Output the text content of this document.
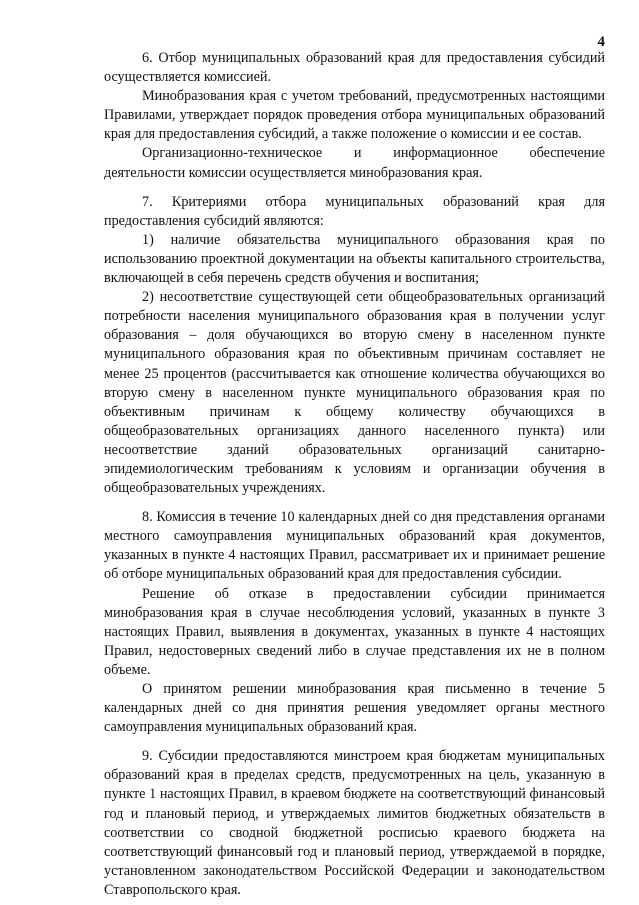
4

6. Отбор муниципальных образований края для предоставления субсидий осуществляется комиссией.

Минобразования края с учетом требований, предусмотренных настоящими Правилами, утверждает порядок проведения отбора муниципальных образований края для предоставления субсидий, а также положение о комиссии и ее состав.

Организационно-техническое и информационное обеспечение деятельности комиссии осуществляется минобразования края.

7. Критериями отбора муниципальных образований края для предоставления субсидий являются:

1) наличие обязательства муниципального образования края по использованию проектной документации на объекты капитального строительства, включающей в себя перечень средств обучения и воспитания;

2) несоответствие существующей сети общеобразовательных организаций потребности населения муниципального образования края в получении услуг образования – доля обучающихся во вторую смену в населенном пункте муниципального образования края по объективным причинам составляет не менее 25 процентов (рассчитывается как отношение количества обучающихся во вторую смену в населенном пункте муниципального образования края по объективным причинам к общему количеству обучающихся в общеобразовательных организациях данного населенного пункта) или несоответствие зданий образовательных организаций санитарно-эпидемиологическим требованиям к условиям и организации обучения в общеобразовательных учреждениях.

8. Комиссия в течение 10 календарных дней со дня представления органами местного самоуправления муниципальных образований края документов, указанных в пункте 4 настоящих Правил, рассматривает их и принимает решение об отборе муниципальных образований края для предоставления субсидии.

Решение об отказе в предоставлении субсидии принимается минобразования края в случае несоблюдения условий, указанных в пункте 3 настоящих Правил, выявления в документах, указанных в пункте 4 настоящих Правил, недостоверных сведений либо в случае представления их не в полном объеме.

О принятом решении минобразования края письменно в течение 5 календарных дней со дня принятия решения уведомляет органы местного самоуправления муниципальных образований края.

9. Субсидии предоставляются минстроем края бюджетам муниципальных образований края в пределах средств, предусмотренных на цель, указанную в пункте 1 настоящих Правил, в краевом бюджете на соответствующий финансовый год и плановый период, и утверждаемых лимитов бюджетных обязательств в соответствии со сводной бюджетной росписью краевого бюджета на соответствующий финансовый год и плановый период, утверждаемой в порядке, установленном законодательством Российской Федерации и законодательством Ставропольского края.
